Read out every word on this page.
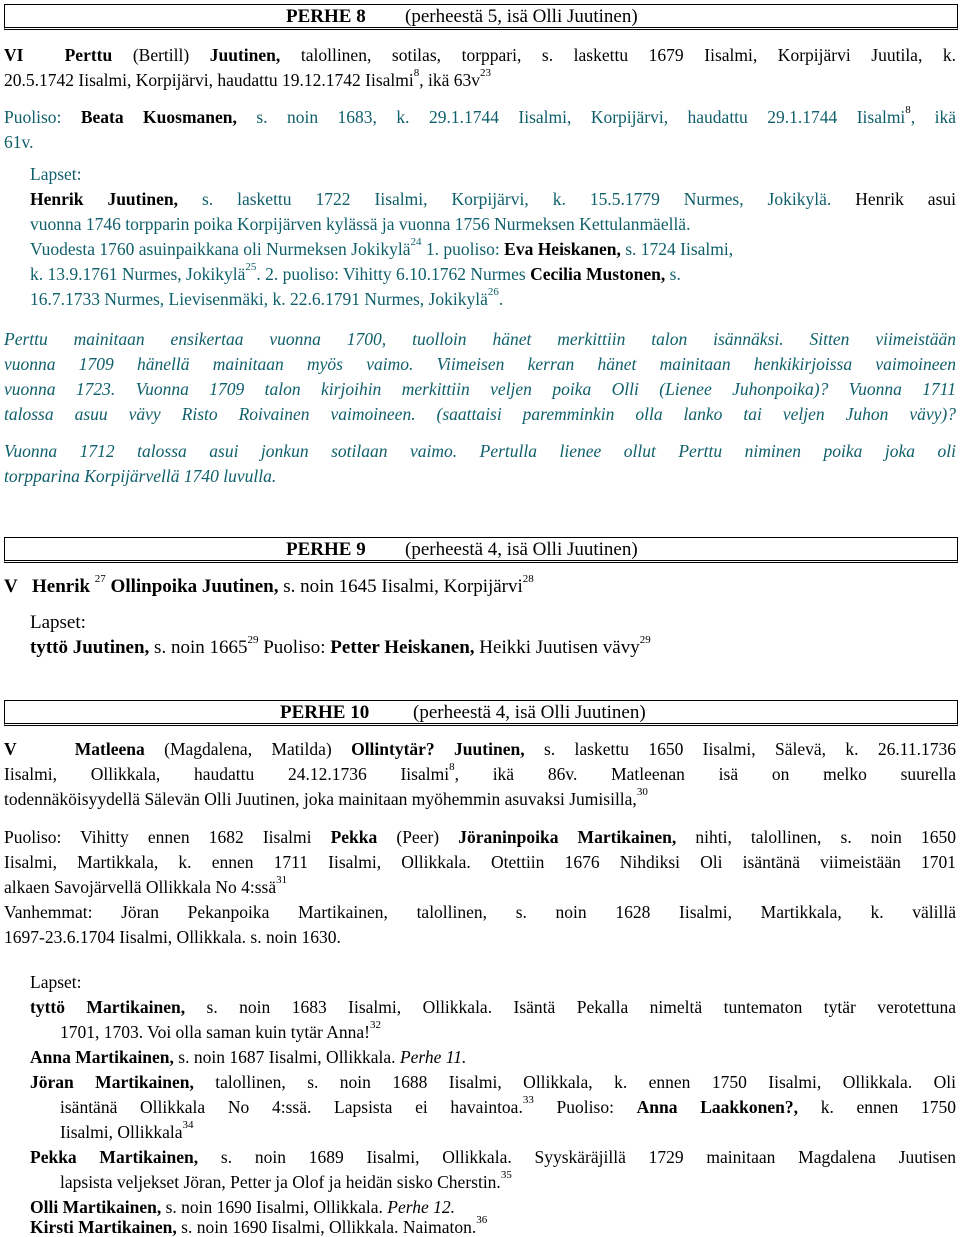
PERHE 8 (perheestä 5, isä Olli Juutinen)
VI Perttu (Bertill) Juutinen, talollinen, sotilas, torppari, s. laskettu 1679 Iisalmi, Korpijärvi Juutila, k.
20.5.1742 Iisalmi, Korpijärvi, haudattu 19.12.1742 Iisalmi$^8$, ikä $63v^{23}$
Puoliso: Beata Kuosmanen, s. noin 1683, k. 29.1.1744 Iisalmi, Korpijärvi, haudattu 29.1.1744 Iisalmi$^8$, ikä
61v.
Lapset:
Henrik Juutinen, s. laskettu 1722 Iisalmi, Korpijärvi, k. 15.5.1779 Nurmes, Jokikylä. Henrik asui
vuonna 1746 torpparin poika Korpijärven kylässä ja vuonna 1756 Nurmeksen Kettulanmäellä.
Vuodesta 1760 asuinpaikkana oli Nurmeksen Jokikylä$^{24}$ 1. puoliso: Eva Heiskanen, s. 1724 Iisalmi,
k. 13.9.1761 Nurmes, Jokikylä$^{25}$. 2. puoliso: Vihitty 6.10.1762 Nurmes Cecilia Mustonen, s.
16.7.1733 Nurmes, Lievisenmäki, k. 22.6.1791 Nurmes, Jokikylä$^{26}$.
Perttu mainitaan ensikertaa vuonna 1700, tuolloin hänet merkittiin talon isännäksi. Sitten viimeistään
vuonna 1709 hänellä mainitaan myös vaimo. Viimeisen kerran hänet mainitaan henkikirjoissa vaimoineen
vuonna 1723. Vuonna 1709 talon kirjoihin merkittiin veljen poika Olli (Lienee Juhonpoika)? Vuonna 1711
talossa asuu vävy Risto Roivainen vaimoineen. (saattaisi paremminkin olla lanko tai veljen Juhon vävy)?
Vuonna 1712 talossa asui jonkun sotilaan vaimo. Pertulla lienee ollut Perttu niminen poika joka oli
torpparina Korpijärvellä 1740 luvulla.
PERHE 9 (perheestä 4, isä Olli Juutinen)
V Henrik $^{27}$ Ollinpoika Juutinen, s. noin 1645 Iisalmi, Korpijärvi$^{28}$
Lapset:
tyttö Juutinen, s. noin 1665$^{29}$ Puoliso: Petter Heiskanen, Heikki Juutisen vävy$^{29}$
PERHE 10 (perheestä 4, isä Olli Juutinen)
V	Matleena (Magdalena, Matilda) Ollintytär? Juutinen, s. laskettu 1650 Iisalmi, Sälevä, k. 26.11.1736
Iisalmi, Ollikkala, haudattu 24.12.1736 Iisalmi$^8$, ikä 86v. Matleenan isä on melko suurella
todennäköisyydellä Sälevän Olli Juutinen, joka mainitaan myöhemmin asuvaksi Jumisilla,$^{30}$
Puoliso: Vihitty ennen 1682 Iisalmi Pekka (Peer) Jöraninpoika Martikainen, nihti, talollinen, s. noin 1650
Iisalmi, Martikkala, k. ennen 1711 Iisalmi, Ollikkala. Otettiin 1676 Nihdiksi Oli isäntänä viimeistään 1701
alkaen Savojärvellä Ollikkala No 4:ssä$^{31}$
Vanhemmat: Jöran Pekanpoika Martikainen, talollinen, s. noin 1628 Iisalmi, Martikkala, k. välillä
1697-23.6.1704 Iisalmi, Ollikkala. s. noin 1630.
Lapset:
tyttö Martikainen, s. noin 1683 Iisalmi, Ollikkala. Isäntä Pekalla nimeltä tuntematon tytär verotettuna
1701, 1703. Voi olla saman kuin tytär Anna!$^{32}$
Anna Martikainen, s. noin 1687 Iisalmi, Ollikkala. Perhe 11.
Jöran Martikainen, talollinen, s. noin 1688 Iisalmi, Ollikkala, k. ennen 1750 Iisalmi, Ollikkala. Oli
isäntänä Ollikkala No 4:ssä. Lapsista ei havaintoa.$^{33}$ Puoliso: Anna Laakkonen?, k. ennen 1750
Iisalmi, Ollikkala$^{34}$
Pekka Martikainen, s. noin 1689 Iisalmi, Ollikkala. Syyskäräjillä 1729 mainitaan Magdalena Juutisen
lapsista veljekset Jöran, Petter ja Olof ja heidän sisko Cherstin.$^{35}$
Olli Martikainen, s. noin 1690 Iisalmi, Ollikkala. Perhe 12.
Kirsti Martikainen, s. noin 1690 Iisalmi, Ollikkala. Naimaton.$^{36}$
